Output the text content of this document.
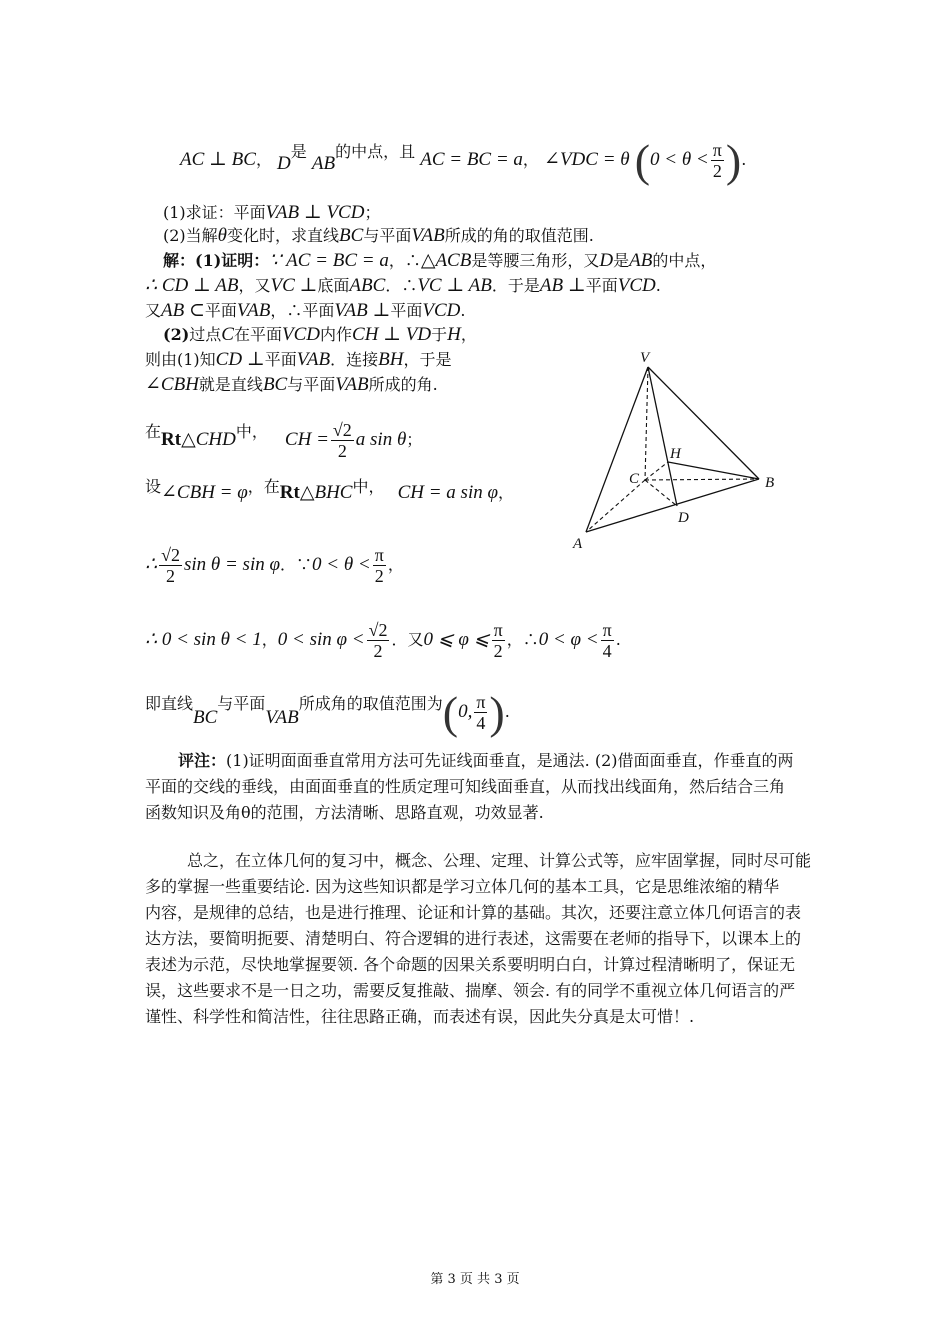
AC ⊥ BC， D是 AB的中点，且 AC = BC = a， ∠VDC = θ ($0 < \theta < \frac{\pi}{2}$ ).
(1)求证：平面VAB ⊥ VCD；
(2)当解θ变化时，求直线BC与平面VAB所成的角的取值范围.
解：(1)证明：∵ AC = BC = a，∴△ACB是等腰三角形，又D是AB的中点，
∴ CD ⊥ AB，又VC ⊥底面ABC．∴VC ⊥ AB．于是AB ⊥平面VCD.
又AB ⊂平面VAB，∴平面VAB ⊥平面VCD.
(2)过点C在平面VCD内作CH ⊥ VD于H，
则由(1)知CD ⊥平面VAB．连接BH，于是
∠CBH就是直线BC与平面VAB所成的角.
在Rt△CHD中， CH = $\frac{√2}{2}$ a sin θ；
设∠CBH = φ，在Rt△BHC中， CH = a sin φ，
∴ $\frac{√2}{2}$ sin θ = sin φ．∵0 < $\theta < \frac{\pi}{2}$ ，
∴ 0 < sin θ < 1，$0 < \sin \varphi < \frac{√2}{2}$ ．又0 ⩽ φ ⩽ $\frac{\pi}{2}$ ，∴0 < $\varphi < \frac{\pi}{4}$ .
即直线BC与平面VAB所成角的取值范围为(0, $\frac{\pi}{4}$ ).
评注：(1)证明面面垂直常用方法可先证线面垂直，是通法. (2)借面面垂直，作垂直的两
平面的交线的垂线，由面面垂直的性质定理可知线面垂直，从而找出线面角，然后结合三角
函数知识及角θ的范围，方法清晰、思路直观，功效显著.
总之，在立体几何的复习中，概念、公理、定理、计算公式等，应牢固掌握，同时尽可能
多的掌握一些重要结论. 因为这些知识都是学习立体几何的基本工具，它是思维浓缩的精华
内容，是规律的总结，也是进行推理、论证和计算的基础。其次，还要注意立体几何语言的表
达方法，要简明扼要、清楚明白、符合逻辑的进行表述，这需要在老师的指导下，以课本上的
表述为示范，尽快地掌握要领. 各个命题的因果关系要明明白白，计算过程清晰明了，保证无
误，这些要求不是一日之功，需要反复推敲、揣摩、领会. 有的同学不重视立体几何语言的严
谨性、科学性和简洁性，往往思路正确，而表述有误，因此失分真是太可惜！.
V
H
C	B
D
A
第 3 页 共 3 页
